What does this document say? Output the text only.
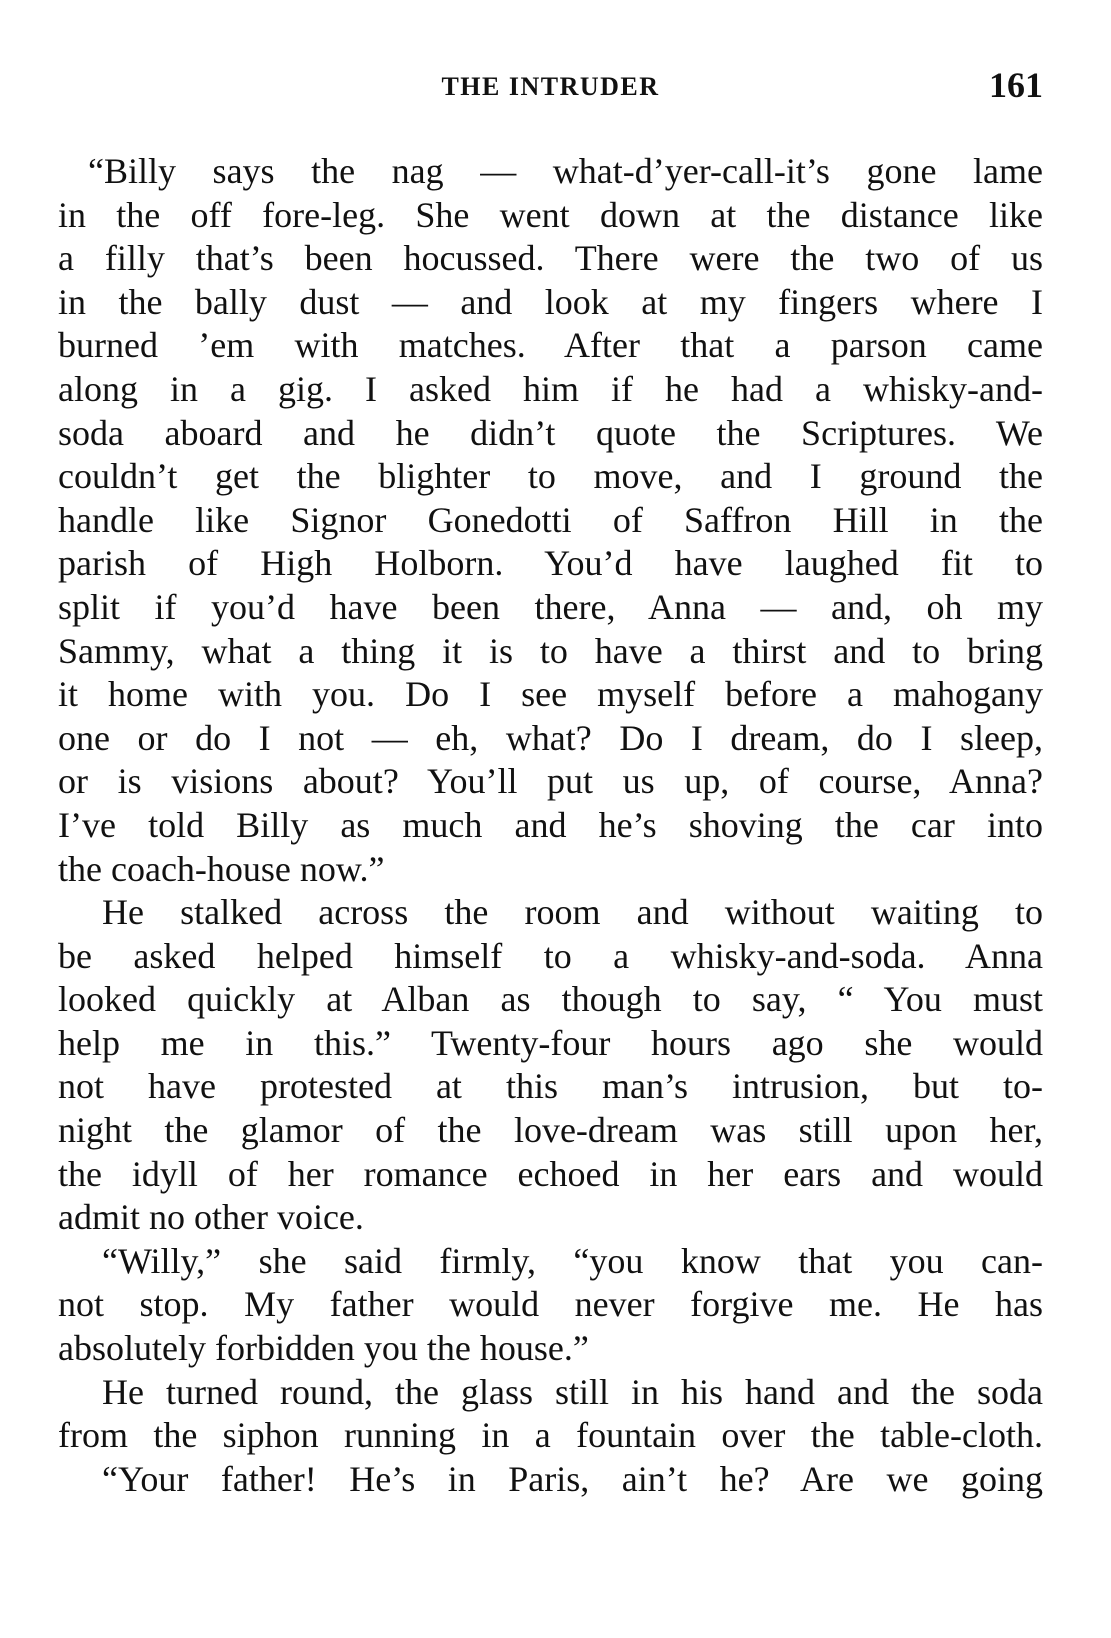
THE INTRUDER	161
“Billy says the nag — what-d’yer-call-it’s gone lame
in the off fore-leg. She went down at the distance like
a filly that’s been hocussed. There were the two of us
in the bally dust — and look at my fingers where I
burned ’em with matches. After that a parson came
along in a gig. I asked him if he had a whisky-and-
soda aboard and he didn’t quote the Scriptures. We
couldn’t get the blighter to move, and I ground the
handle like Signor Gonedotti of Saffron Hill in the
parish of High Holborn. You’d have laughed fit to
split if you’d have been there, Anna — and, oh my
Sammy, what a thing it is to have a thirst and to bring
it home with you. Do I see myself before a mahogany
one or do I not — eh, what? Do I dream, do I sleep,
or is visions about? You’ll put us up, of course, Anna?
I’ve told Billy as much and he’s shoving the car into
the coach-house now.”
He stalked across the room and without waiting to
be asked helped himself to a whisky-and-soda. Anna
looked quickly at Alban as though to say, “ You must
help me in this.” Twenty-four hours ago she would
not have protested at this man’s intrusion, but to-
night the glamor of the love-dream was still upon her,
the idyll of her romance echoed in her ears and would
admit no other voice.
“Willy,” she said firmly, “you know that you can-
not stop. My father would never forgive me. He has
absolutely forbidden you the house.”
He turned round, the glass still in his hand and the soda
from the siphon running in a fountain over the table-cloth.
“Your father! He’s in Paris, ain’t he? Are we going
